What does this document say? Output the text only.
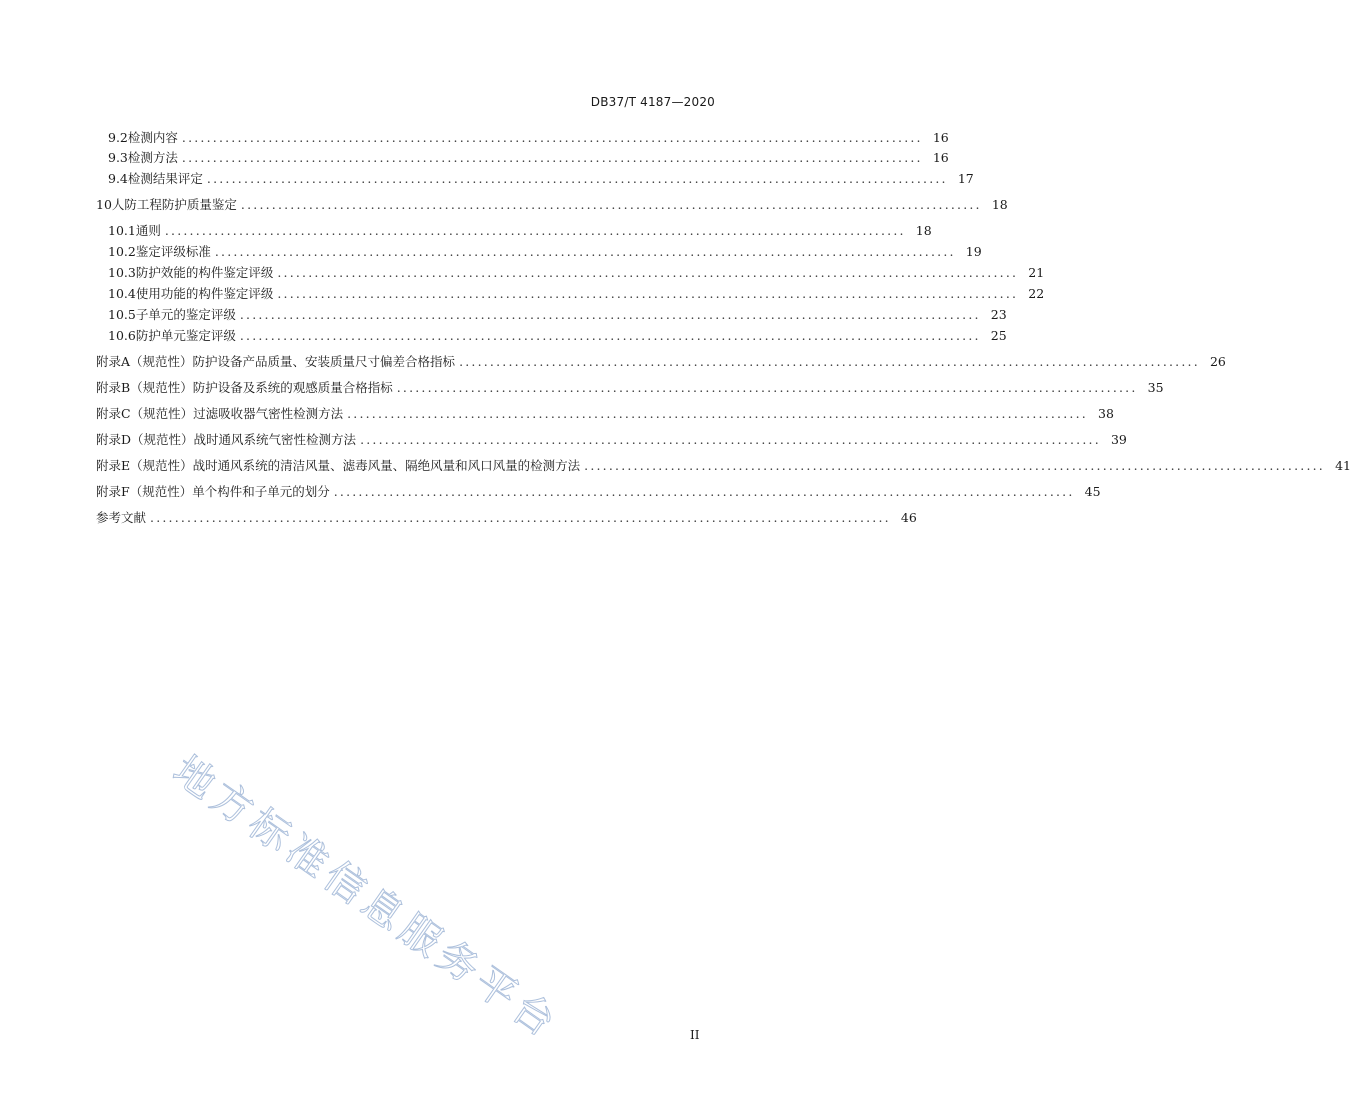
DB37/T 4187—2020
9.2 检测内容 ........................................................................................................................ 16
9.3 检测方法 ........................................................................................................................ 16
9.4 检测结果评定 ........................................................................................................................ 17
10 人防工程防护质量鉴定 ........................................................................................................................ 18
10.1 通则 ........................................................................................................................ 18
10.2 鉴定评级标准 ........................................................................................................................ 19
10.3 防护效能的构件鉴定评级 ........................................................................................................................ 21
10.4 使用功能的构件鉴定评级 ........................................................................................................................ 22
10.5 子单元的鉴定评级 ........................................................................................................................ 23
10.6 防护单元鉴定评级 ........................................................................................................................ 25
附录A （规范性） 防护设备产品质量、安装质量尺寸偏差合格指标 ........................................................................................................................ 26
附录B （规范性） 防护设备及系统的观感质量合格指标 ........................................................................................................................ 35
附录C （规范性） 过滤吸收器气密性检测方法 ........................................................................................................................ 38
附录D （规范性） 战时通风系统气密性检测方法 ........................................................................................................................ 39
附录E （规范性） 战时通风系统的清洁风量、滤毒风量、隔绝风量和风口风量的检测方法 ........................................................................................................................ 41
附录F （规范性） 单个构件和子单元的划分 ........................................................................................................................ 45
参考文献 ........................................................................................................................ 46
地方标准信息服务平台	II
